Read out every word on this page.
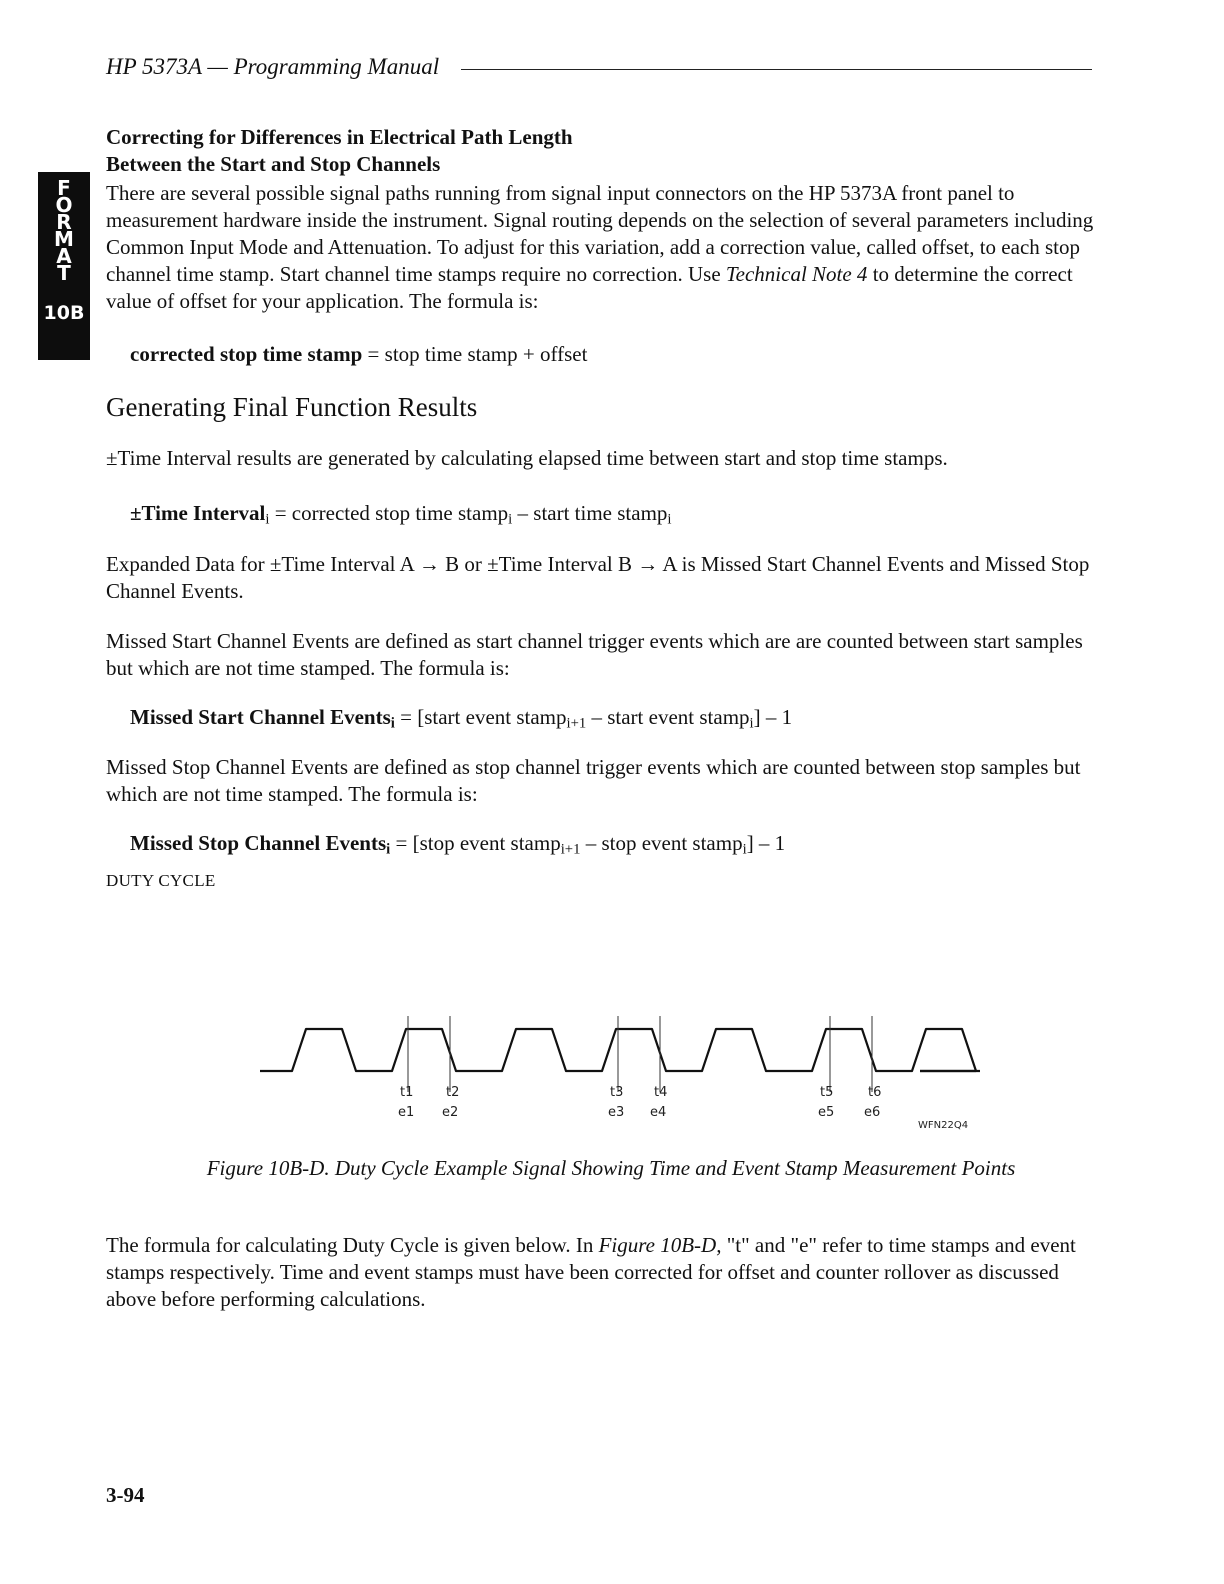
HP 5373A — Programming Manual
F
O
R
M
A
T
10B
Correcting for Differences in Electrical Path Length
Between the Start and Stop Channels

There are several possible signal paths running from signal input connectors on the HP 5373A front panel to measurement hardware inside the instrument. Signal routing depends on the selection of several parameters including Common Input Mode and Attenuation. To adjust for this variation, add a correction value, called offset, to each stop channel time stamp. Start channel time stamps require no correction. Use Technical Note 4 to determine the correct value of offset for your application. The formula is:

corrected stop time stamp = stop time stamp + offset
Generating Final Function Results

±Time Interval results are generated by calculating elapsed time between start and stop time stamps.

±Time Interval$_i$ = corrected stop time stamp$_i$ – start time stamp$_i$

Expanded Data for ±Time Interval A → B or ±Time Interval B → A is Missed Start Channel Events and Missed Stop Channel Events.

Missed Start Channel Events are defined as start channel trigger events which are are counted between start samples but which are not time stamped. The formula is:

Missed Start Channel Events$_i$ = [start event stamp$_{i+1}$ – start event stamp$_i$] – 1

Missed Stop Channel Events are defined as stop channel trigger events which are counted between stop samples but which are not time stamped. The formula is:

Missed Stop Channel Events$_i$ = [stop event stamp$_{i+1}$ – stop event stamp$_i$] – 1
DUTY CYCLE
t1	t2	t3 t4	t5	t6
e1 e2	e3 e4	e5 e6
WFN22Q4
Figure 10B-D. Duty Cycle Example Signal Showing Time and Event Stamp Measurement Points

The formula for calculating Duty Cycle is given below. In Figure 10B-D, "t" and "e" refer to time stamps and event stamps respectively. Time and event stamps must have been corrected for offset and counter rollover as discussed above before performing calculations.

3-94
